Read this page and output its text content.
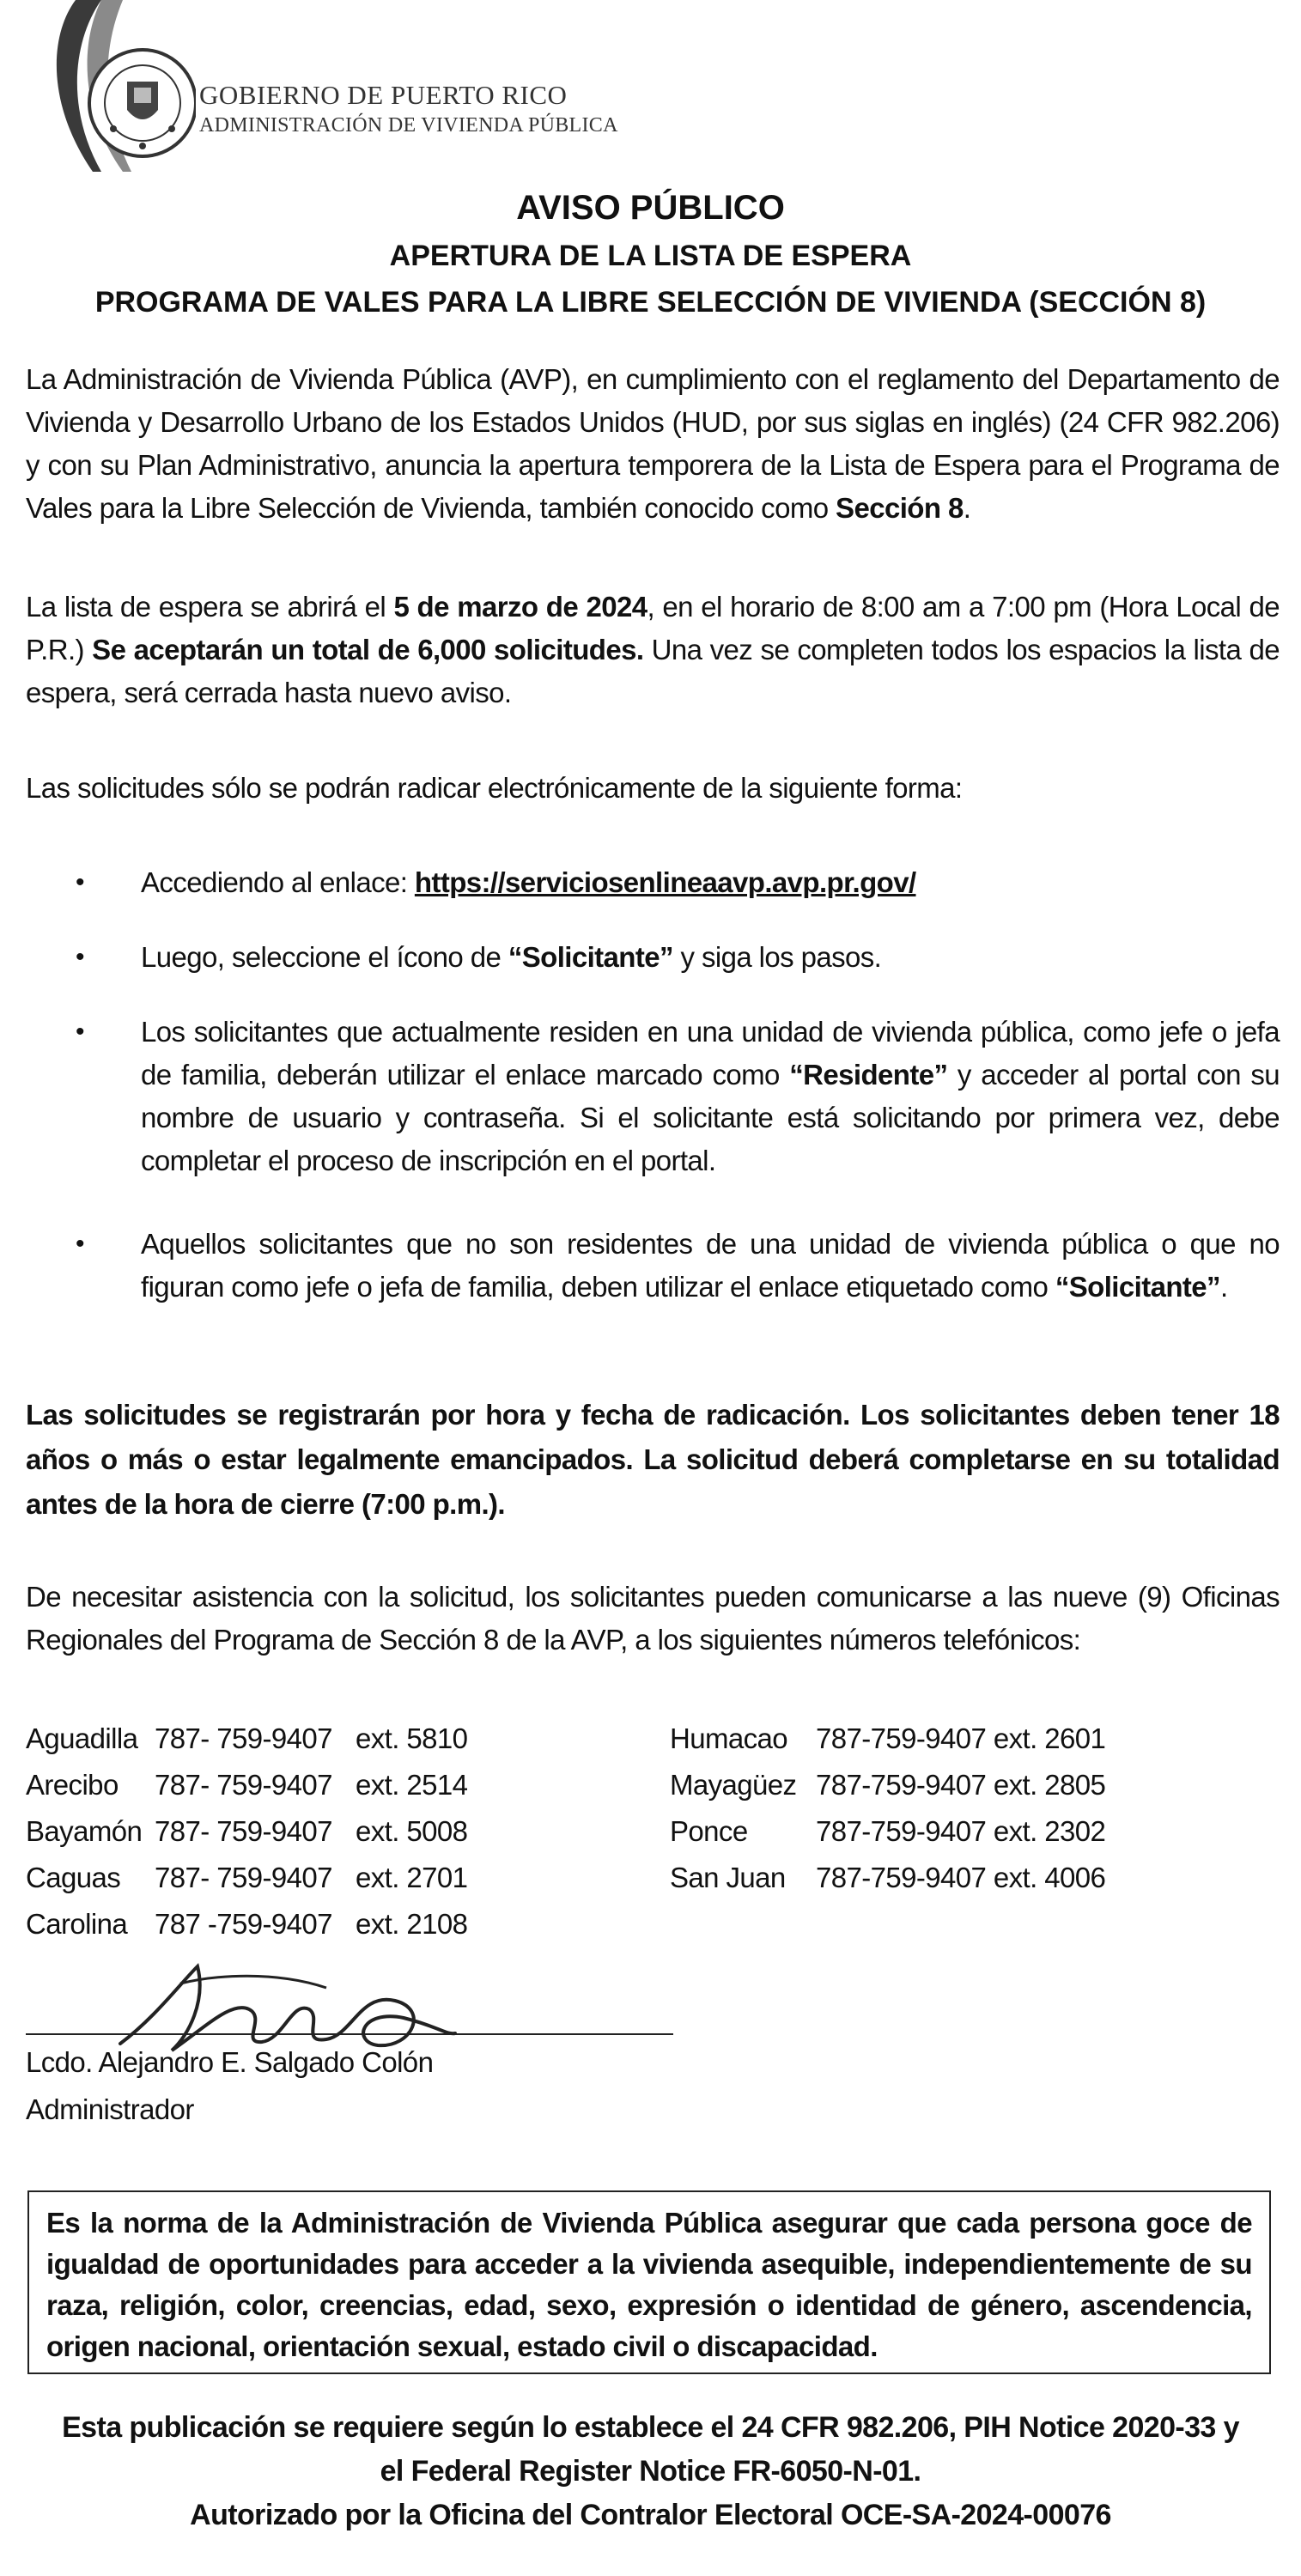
GOBIERNO DE PUERTO RICO
ADMINISTRACIÓN DE VIVIENDA PÚBLICA
AVISO PÚBLICO
APERTURA DE LA LISTA DE ESPERA
PROGRAMA DE VALES PARA LA LIBRE SELECCIÓN DE VIVIENDA (SECCIÓN 8)

La Administración de Vivienda Pública (AVP), en cumplimiento con el reglamento del Departamento de Vivienda y Desarrollo Urbano de los Estados Unidos (HUD, por sus siglas en inglés) (24 CFR 982.206) y con su Plan Administrativo, anuncia la apertura temporera de la Lista de Espera para el Programa de Vales para la Libre Selección de Vivienda, también conocido como Sección 8.

La lista de espera se abrirá el 5 de marzo de 2024, en el horario de 8:00 am a 7:00 pm (Hora Local de P.R.) Se aceptarán un total de 6,000 solicitudes. Una vez se completen todos los espacios la lista de espera, será cerrada hasta nuevo aviso.

Las solicitudes sólo se podrán radicar electrónicamente de la siguiente forma:

• Accediendo al enlace: https://serviciosenlineaavp.avp.pr.gov/

• Luego, seleccione el ícono de “Solicitante” y siga los pasos.

• Los solicitantes que actualmente residen en una unidad de vivienda pública, como jefe o jefa de familia, deberán utilizar el enlace marcado como “Residente” y acceder al portal con su nombre de usuario y contraseña. Si el solicitante está solicitando por primera vez, debe completar el proceso de inscripción en el portal.

• Aquellos solicitantes que no son residentes de una unidad de vivienda pública o que no figuran como jefe o jefa de familia, deben utilizar el enlace etiquetado como “Solicitante”.

Las solicitudes se registrarán por hora y fecha de radicación. Los solicitantes deben tener 18 años o más o estar legalmente emancipados. La solicitud deberá completarse en su totalidad antes de la hora de cierre (7:00 p.m.).

De necesitar asistencia con la solicitud, los solicitantes pueden comunicarse a las nueve (9) Oficinas Regionales del Programa de Sección 8 de la AVP, a los siguientes números telefónicos:

Aguadilla 787- 759-9407 ext. 5810
Arecibo 787- 759-9407 ext. 2514
Bayamón 787- 759-9407 ext. 5008
Caguas 787- 759-9407 ext. 2701
Carolina 787 -759-9407 ext. 2108
Humacao 787-759-9407 ext. 2601
Mayagüez 787-759-9407 ext. 2805
Ponce 787-759-9407 ext. 2302
San Juan 787-759-9407 ext. 4006
Lcdo. Alejandro E. Salgado Colón
Administrador
Es la norma de la Administración de Vivienda Pública asegurar que cada persona goce de igualdad de oportunidades para acceder a la vivienda asequible, independientemente de su raza, religión, color, creencias, edad, sexo, expresión o identidad de género, ascendencia, origen nacional, orientación sexual, estado civil o discapacidad.
Esta publicación se requiere según lo establece el 24 CFR 982.206, PIH Notice 2020-33 y
el Federal Register Notice FR-6050-N-01.
Autorizado por la Oficina del Contralor Electoral OCE-SA-2024-00076
